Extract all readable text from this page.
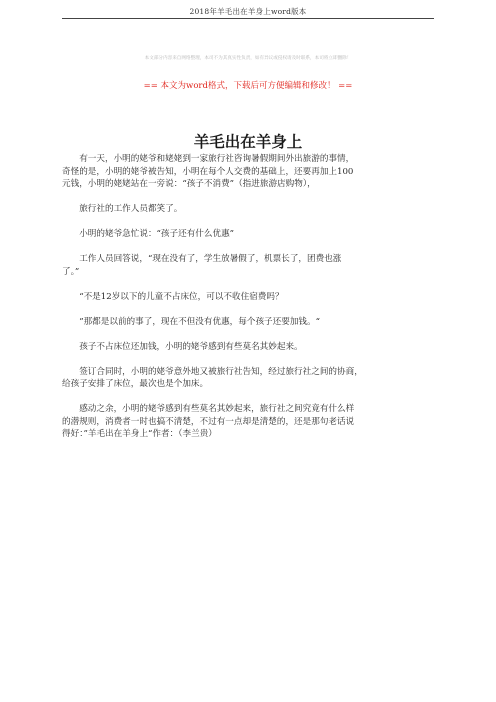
2018年羊毛出在羊身上word版本
本文部分内容来自网络整理，本司不为其真实性负责，如有异议或侵权请及时联系，本司将立即删除！
== 本文为word格式，下载后可方便编辑和修改！ ==
羊毛出在羊身上
　　有一天，小明的姥爷和姥姥到一家旅行社咨询暑假期间外出旅游的事情，
奇怪的是，小明的姥爷被告知，小明在每个人交费的基础上，还要再加上100
元钱，小明的姥姥站在一旁说：“孩子不消费”（指进旅游店购物），
　　旅行社的工作人员都笑了。
　　小明的姥爷急忙说：“孩子还有什么优惠”
　　工作人员回答说，“现在没有了，学生放暑假了，机票长了，团费也涨
了。”
　　“不是12岁以下的儿童不占床位，可以不收住宿费吗？
　　”那都是以前的事了，现在不但没有优惠，每个孩子还要加钱。“
　　孩子不占床位还加钱，小明的姥爷感到有些莫名其妙起来。
　　签订合同时，小明的姥爷意外地又被旅行社告知，经过旅行社之间的协商，
给孩子安排了床位，最次也是个加床。
　　感动之余，小明的姥爷感到有些莫名其妙起来，旅行社之间究竟有什么样
的潜规则，消费者一时也搞不清楚，不过有一点却是清楚的，还是那句老话说
得好：”羊毛出在羊身上“作者：（李兰贵）
